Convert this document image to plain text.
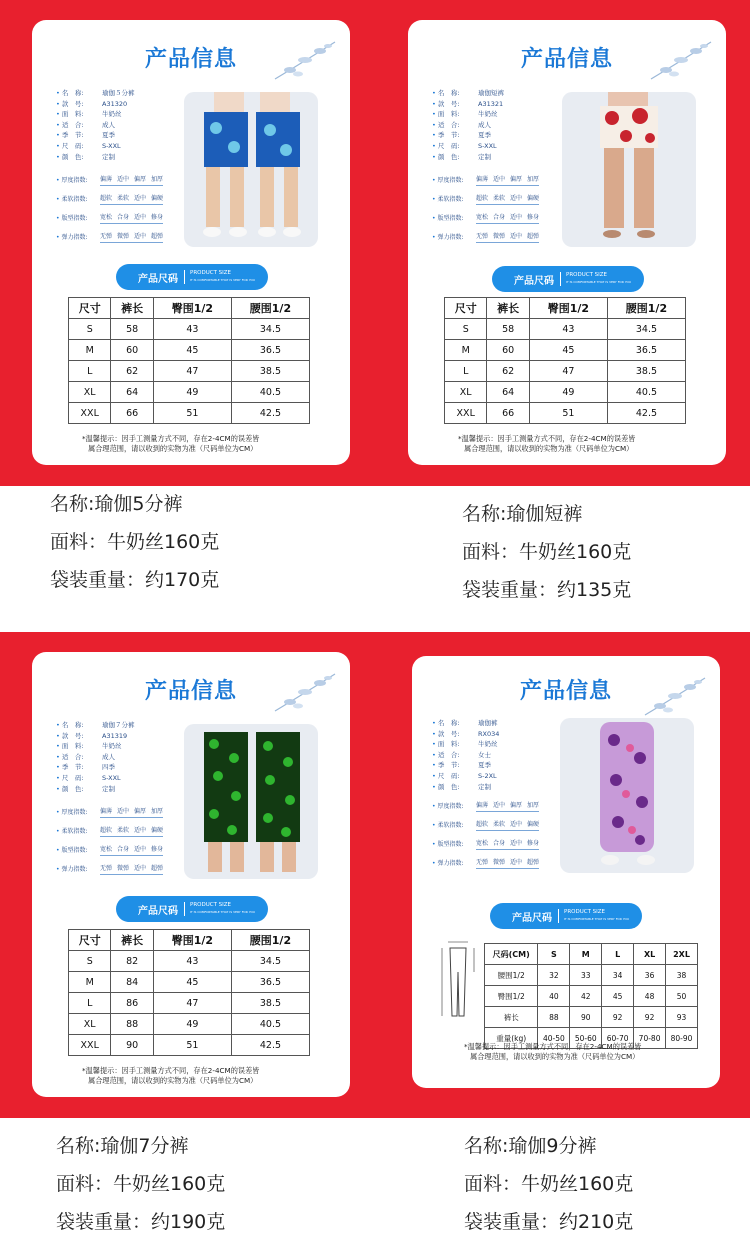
产品信息
• 名　称:	瑜伽５分裤
• 款　号:	A31320
• 面　料:	牛奶丝
• 适　合:	成人
• 季　节:	夏季
• 尺　码:	S-XXL
• 颜　色:	定制
• 厚度指数:	偏薄 适中 偏厚 加厚
• 柔软指数:	超软 柔软 适中 偏硬
• 版型指数:	宽松 合身 适中 修身
• 弹力指数:	无弹 微弹 适中 超弹
产品尺码
PRODUCT SIZE
IT IS COMFORTABLE THAT IS VERY FOR YOU
尺寸	裤长	臀围1/2	腰围1/2
S	58	43	34.5
M	60	45	36.5
L	62	47	38.5
XL	64	49	40.5
XXL	66	51	42.5
*温馨提示：因手工测量方式不同，存在2-4CM的误差皆
属合理范围，请以收到的实物为准（尺码单位为CM）
产品信息
• 名　称:	瑜伽短裤
• 款　号:	A31321
• 面　料:	牛奶丝
• 适　合:	成人
• 季　节:	夏季
• 尺　码:	S-XXL
• 颜　色:	定制
• 厚度指数:	偏薄 适中 偏厚 加厚
• 柔软指数:	超软 柔软 适中 偏硬
• 版型指数:	宽松 合身 适中 修身
• 弹力指数:	无弹 微弹 适中 超弹
产品尺码
PRODUCT SIZE
IT IS COMFORTABLE THAT IS VERY FOR YOU
尺寸	裤长	臀围1/2	腰围1/2
S	58	43	34.5
M	60	45	36.5
L	62	47	38.5
XL	64	49	40.5
XXL	66	51	42.5
*温馨提示：因手工测量方式不同，存在2-4CM的误差皆
属合理范围，请以收到的实物为准（尺码单位为CM）
名称:瑜伽5分裤
面料：牛奶丝160克
袋装重量：约170克
名称:瑜伽短裤
面料：牛奶丝160克
袋装重量：约135克
产品信息
• 名　称:	瑜伽７分裤
• 款　号:	A31319
• 面　料:	牛奶丝
• 适　合:	成人
• 季　节:	四季
• 尺　码:	S-XXL
• 颜　色:	定制
• 厚度指数:	偏薄 适中 偏厚 加厚
• 柔软指数:	超软 柔软 适中 偏硬
• 版型指数:	宽松 合身 适中 修身
• 弹力指数:	无弹 微弹 适中 超弹
产品尺码
PRODUCT SIZE
IT IS COMFORTABLE THAT IS VERY FOR YOU
尺寸	裤长	臀围1/2	腰围1/2
S	82	43	34.5
M	84	45	36.5
L	86	47	38.5
XL	88	49	40.5
XXL	90	51	42.5
*温馨提示：因手工测量方式不同，存在2-4CM的误差皆
属合理范围，请以收到的实物为准（尺码单位为CM）
产品信息
• 名　称:	瑜伽裤
• 款　号:	RX034
• 面　料:	牛奶丝
• 适　合:	女士
• 季　节:	夏季
• 尺　码:	S-2XL
• 颜　色:	定制
• 厚度指数:	偏薄 适中 偏厚 加厚
• 柔软指数:	超软 柔软 适中 偏硬
• 版型指数:	宽松 合身 适中 修身
• 弹力指数:	无弹 微弹 适中 超弹
产品尺码
PRODUCT SIZE
IT IS COMFORTABLE THAT IS VERY FOR YOU
尺码(CM)	S	M	L	XL	2XL
腰围1/2	32	33	34	36	38
臀围1/2	40	42	45	48	50
裤长	88	90	92	92	93
重量(kg)	40-50	50-60	60-70	70-80	80-90
*温馨提示：因手工测量方式不同，存在2-4CM的误差皆
属合理范围，请以收到的实物为准（尺码单位为CM）
名称:瑜伽7分裤
面料：牛奶丝160克
袋装重量：约190克
名称:瑜伽9分裤
面料：牛奶丝160克
袋装重量：约210克
